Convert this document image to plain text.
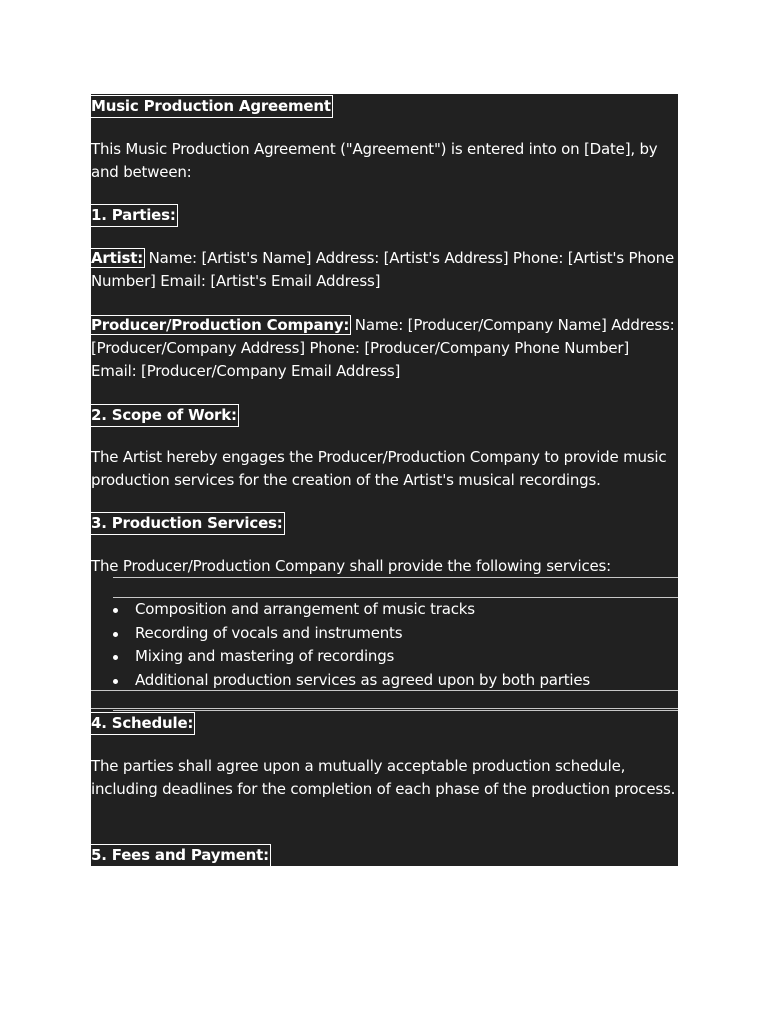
Music Production Agreement

This Music Production Agreement ("Agreement") is entered into on [Date], by and between:

1. Parties:

Artist: Name: [Artist's Name] Address: [Artist's Address] Phone: [Artist's Phone Number] Email: [Artist's Email Address]

Producer/Production Company: Name: [Producer/Company Name] Address: [Producer/Company Address] Phone: [Producer/Company Phone Number] Email: [Producer/Company Email Address]

2. Scope of Work:

The Artist hereby engages the Producer/Production Company to provide music production services for the creation of the Artist's musical recordings.

3. Production Services:

The Producer/Production Company shall provide the following services:

Composition and arrangement of music tracks
Recording of vocals and instruments
Mixing and mastering of recordings
Additional production services as agreed upon by both parties

4. Schedule:

The parties shall agree upon a mutually acceptable production schedule, including deadlines for the completion of each phase of the production process.

5. Fees and Payment:
